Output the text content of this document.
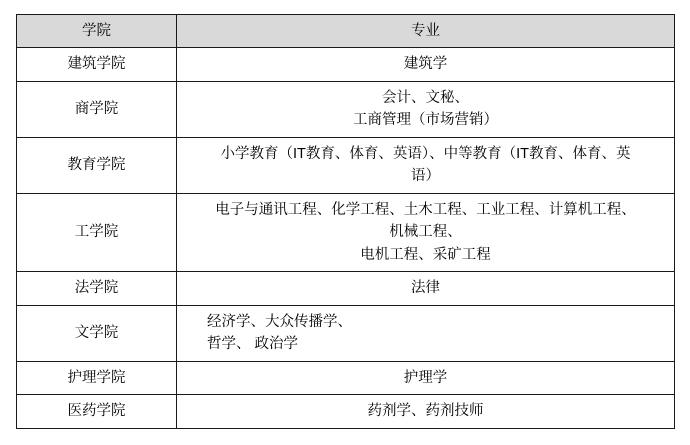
学院	专业
建筑学院	建筑学

商学院	会计、文秘、
工商管理（市场营销）

教育学院	小学教育（IT教育、体育、英语）、中等教育（IT教育、体育、英
语）

工学院	电子与通讯工程、化学工程、土木工程、工业工程、计算机工程、
机械工程、
电机工程、采矿工程

法学院	法律

文学院	经济学、大众传播学、
哲学、 政治学

护理学院	护理学

医药学院	药剂学、药剂技师
